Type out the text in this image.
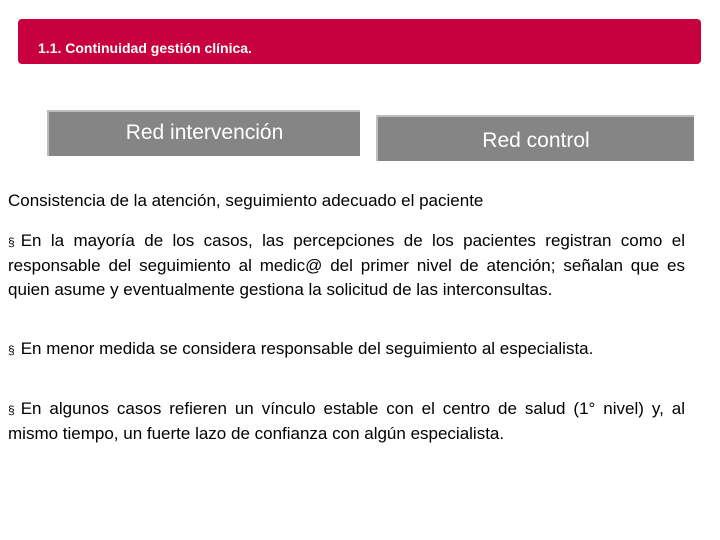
1.1. Continuidad gestión clínica.
Red intervención	Red control
Consistencia de la atención, seguimiento adecuado el paciente
§ En la mayoría de los casos, las percepciones de los pacientes registran como el responsable del seguimiento al medic@ del primer nivel de atención; señalan que es quien asume y eventualmente gestiona la solicitud de las interconsultas.
§ En menor medida se considera responsable del seguimiento al especialista.
§ En algunos casos refieren un vínculo estable con el centro de salud (1° nivel) y, al mismo tiempo, un fuerte lazo de confianza con algún especialista.
